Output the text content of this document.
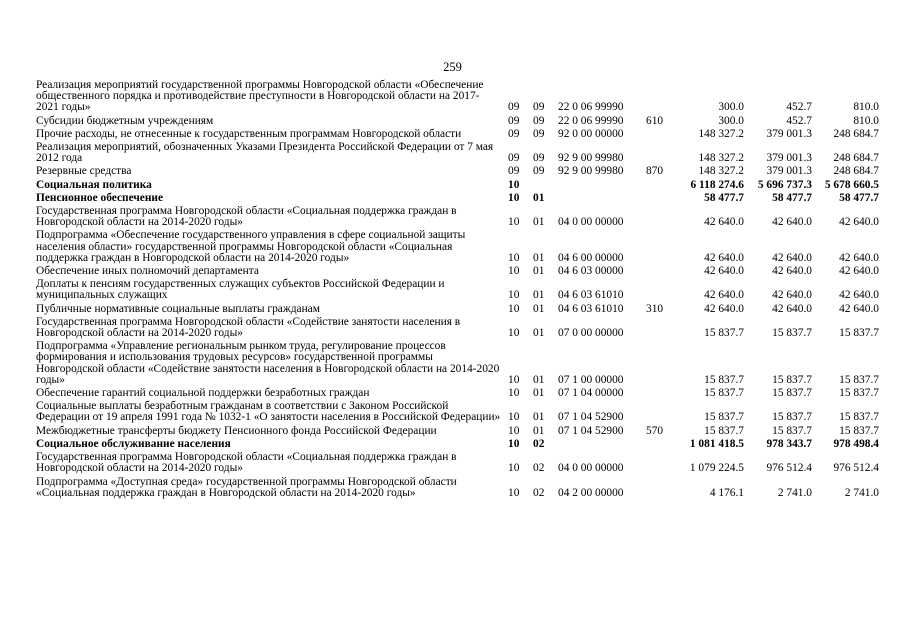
259
Реализация мероприятий государственной программы Новгородской области «Обеспечение общественного порядка и противодействие преступности в Новгородской области на 2017-2021 годы»	09	09	22 0 06 99990		300.0	452.7	810.0
Субсидии бюджетным учреждениям	09	09	22 0 06 99990	610	300.0	452.7	810.0
Прочие расходы, не отнесенные к государственным программам Новгородской области	09	09	92 0 00 00000		148 327.2	379 001.3	248 684.7
Реализация мероприятий, обозначенных Указами Президента Российской Федерации от 7 мая 2012 года	09	09	92 9 00 99980		148 327.2	379 001.3	248 684.7
Резервные средства	09	09	92 9 00 99980	870	148 327.2	379 001.3	248 684.7
Социальная политика	10				6 118 274.6	5 696 737.3	5 678 660.5
Пенсионное обеспечение	10	01			58 477.7	58 477.7	58 477.7
Государственная программа Новгородской области «Социальная поддержка граждан в Новгородской области на 2014-2020 годы»	10	01	04 0 00 00000		42 640.0	42 640.0	42 640.0
Подпрограмма «Обеспечение государственного управления в сфере социальной защиты населения области» государственной программы Новгородской области «Социальная поддержка граждан в Новгородской области на 2014-2020 годы»	10	01	04 6 00 00000		42 640.0	42 640.0	42 640.0
Обеспечение иных полномочий департамента	10	01	04 6 03 00000		42 640.0	42 640.0	42 640.0
Доплаты к пенсиям государственных служащих субъектов Российской Федерации и муниципальных служащих	10	01	04 6 03 61010		42 640.0	42 640.0	42 640.0
Публичные нормативные социальные выплаты гражданам	10	01	04 6 03 61010	310	42 640.0	42 640.0	42 640.0
Государственная программа Новгородской области «Содействие занятости населения в Новгородской области на 2014-2020 годы»	10	01	07 0 00 00000		15 837.7	15 837.7	15 837.7
Подпрограмма «Управление региональным рынком труда, регулирование процессов формирования и использования трудовых ресурсов» государственной программы Новгородской области «Содействие занятости населения в Новгородской области на 2014-2020 годы»	10	01	07 1 00 00000		15 837.7	15 837.7	15 837.7
Обеспечение гарантий социальной поддержки безработных граждан	10	01	07 1 04 00000		15 837.7	15 837.7	15 837.7
Социальные выплаты безработным гражданам в соответствии с Законом Российской Федерации от 19 апреля 1991 года № 1032-1 «О занятости населения в Российской Федерации»	10	01	07 1 04 52900		15 837.7	15 837.7	15 837.7
Межбюджетные трансферты бюджету Пенсионного фонда Российской Федерации	10	01	07 1 04 52900	570	15 837.7	15 837.7	15 837.7
Социальное обслуживание населения	10	02			1 081 418.5	978 343.7	978 498.4
Государственная программа Новгородской области «Социальная поддержка граждан в Новгородской области на 2014-2020 годы»	10	02	04 0 00 00000		1 079 224.5	976 512.4	976 512.4
Подпрограмма «Доступная среда» государственной программы Новгородской области «Социальная поддержка граждан в Новгородской области на 2014-2020 годы»	10	02	04 2 00 00000		4 176.1	2 741.0	2 741.0
